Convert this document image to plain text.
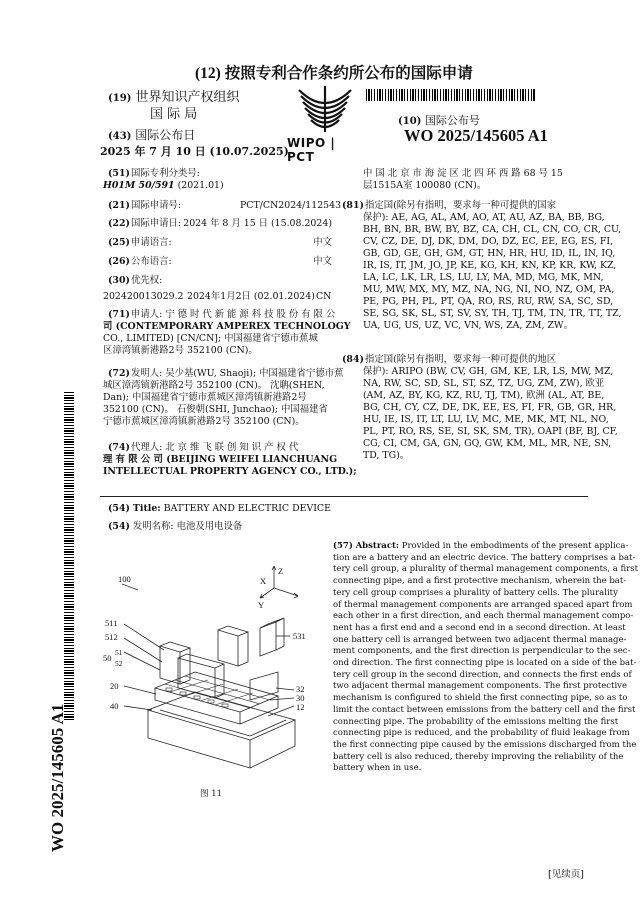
(12) 按照专利合作条约所公布的国际申请
(19) 世界知识产权组织
国 际 局
(43) 国际公布日
2025 年 7 月 10 日 (10.07.2025)
WIPO | PCT
(10) 国际公布号
WO 2025/145605 A1
WO 2025/145605 A1
(51) 国际专利分类号:
H01M 50/591 (2021.01)
(21) 国际申请号:	PCT/CN2024/112543
(22) 国际申请日: 2024 年 8 月 15 日 (15.08.2024)
(25) 申请语言:	中文
(26) 公布语言:	中文
(30) 优先权:
202420013029.2 2024年1月2日 (02.01.2024) CN
(71) 申请人: 宁 德 时 代 新 能 源 科 技 股 份 有 限 公
司 (CONTEMPORARY AMPEREX TECHNOLOGY
CO., LIMITED) [CN/CN]; 中国福建省宁德市蕉城
区漳湾镇新港路2号 352100 (CN)。
(72) 发明人: 吴少基(WU, Shaoji); 中国福建省宁德市蕉
城区漳湾镇新港路2号 352100 (CN)。 沈聃(SHEN,
Dan); 中国福建省宁德市蕉城区漳湾镇新港路2号
352100 (CN)。 石俊朝(SHI, Junchao); 中国福建省
宁德市蕉城区漳湾镇新港路2号 352100 (CN)。
(74) 代理人: 北 京 维 飞 联 创 知 识 产 权 代
理 有 限 公 司 (BEIJING WEIFEI LIANCHUANG
INTELLECTUAL PROPERTY AGENCY CO., LTD.);
中 国 北 京 市 海 淀 区 北 四 环 西 路 68 号 15
层1515A室 100080 (CN)。
(81) 指定国(除另有指明，要求每一种可提供的国家
保护): AE, AG, AL, AM, AO, AT, AU, AZ, BA, BB, BG,
BH, BN, BR, BW, BY, BZ, CA, CH, CL, CN, CO, CR, CU,
CV, CZ, DE, DJ, DK, DM, DO, DZ, EC, EE, EG, ES, FI,
GB, GD, GE, GH, GM, GT, HN, HR, HU, ID, IL, IN, IQ,
IR, IS, IT, JM, JO, JP, KE, KG, KH, KN, KP, KR, KW, KZ,
LA, LC, LK, LR, LS, LU, LY, MA, MD, MG, MK, MN,
MU, MW, MX, MY, MZ, NA, NG, NI, NO, NZ, OM, PA,
PE, PG, PH, PL, PT, QA, RO, RS, RU, RW, SA, SC, SD,
SE, SG, SK, SL, ST, SV, SY, TH, TJ, TM, TN, TR, TT, TZ,
UA, UG, US, UZ, VC, VN, WS, ZA, ZM, ZW。
(84) 指定国(除另有指明，要求每一种可提供的地区
保护): ARIPO (BW, CV, GH, GM, KE, LR, LS, MW, MZ,
NA, RW, SC, SD, SL, ST, SZ, TZ, UG, ZM, ZW), 欧亚
(AM, AZ, BY, KG, KZ, RU, TJ, TM), 欧洲 (AL, AT, BE,
BG, CH, CY, CZ, DE, DK, EE, ES, FI, FR, GB, GR, HR,
HU, IE, IS, IT, LT, LU, LV, MC, ME, MK, MT, NL, NO,
PL, PT, RO, RS, SE, SI, SK, SM, TR), OAPI (BF, BJ, CF,
CG, CI, CM, GA, GN, GQ, GW, KM, ML, MR, NE, SN,
TD, TG)。
(54) Title: BATTERY AND ELECTRIC DEVICE
(54) 发明名称: 电池及用电设备
(57) Abstract: Provided in the embodiments of the present applica-
tion are a battery and an electric device. The battery comprises a bat-
tery cell group, a plurality of thermal management components, a first
connecting pipe, and a first protective mechanism, wherein the bat-
tery cell group comprises a plurality of battery cells. The plurality
of thermal management components are arranged spaced apart from
each other in a first direction, and each thermal management compo-
nent has a first end and a second end in a second direction. At least
one battery cell is arranged between two adjacent thermal manage-
ment components, and the first direction is perpendicular to the sec-
ond direction. The first connecting pipe is located on a side of the bat-
tery cell group in the second direction, and connects the first ends of
two adjacent thermal management components. The first protective
mechanism is configured to shield the first connecting pipe, so as to
limit the contact between emissions from the battery cell and the first
connecting pipe. The probability of the emissions melting the first
connecting pipe is reduced, and the probability of fluid leakage from
the first connecting pipe caused by the emissions discharged from the
battery cell is also reduced, thereby improving the reliability of the
battery when in use.
100
511
512
50
51
52
20
40
531
32
30
12
X
Z
Y
图 11
[见续页]
